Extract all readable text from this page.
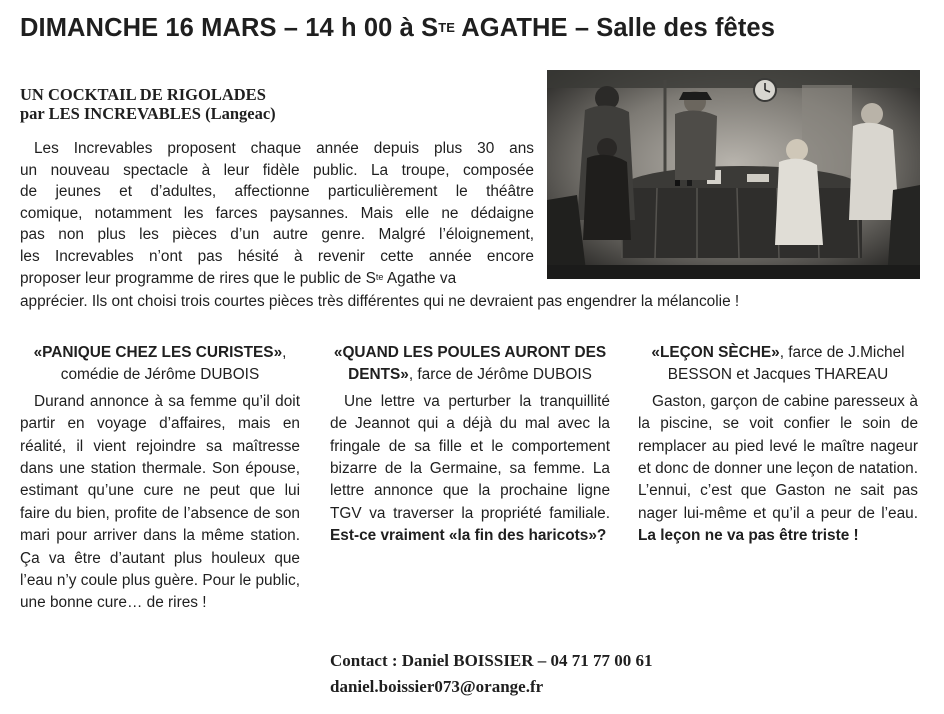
DIMANCHE 16 MARS – 14 h 00 à $S^{TE}$ AGATHE – Salle des fêtes
UN COCKTAIL DE RIGOLADES
par LES INCREVABLES (Langeac)
Les Increvables proposent chaque année depuis plus 30 ans
un nouveau spectacle à leur fidèle public. La troupe, composée
de jeunes et d’adultes, affectionne particulièrement le théâtre
comique, notamment les farces paysannes. Mais elle ne dédaigne
pas non plus les pièces d’un autre genre. Malgré l’éloignement,
les Increvables n’ont pas hésité à revenir cette année encore
proposer leur programme de rires que le public de $S^{te}$ Agathe va
apprécier. Ils ont choisi trois courtes pièces très différentes qui ne devraient pas engendrer la mélancolie !
«PANIQUE CHEZ LES CURISTES», comédie de Jérôme DUBOIS
Durand annonce à sa femme qu’il doit partir en voyage d’affaires, mais en réalité, il vient rejoindre sa maîtresse dans une station thermale. Son épouse, estimant qu’une cure ne peut que lui faire du bien, profite de l’absence de son mari pour arriver dans la même station. Ça va être d’autant plus houleux que l’eau n’y coule plus guère. Pour le public, une bonne cure… de rires !
«QUAND LES POULES AURONT DES DENTS», farce de Jérôme DUBOIS
Une lettre va perturber la tranquillité de Jeannot qui a déjà du mal avec la fringale de sa fille et le comportement bizarre de la Germaine, sa femme. La lettre annonce que la prochaine ligne TGV va traverser la propriété familiale. Est-ce vraiment «la fin des haricots»?
«LEÇON SÈCHE», farce de J.Michel BESSON et Jacques THAREAU
Gaston, garçon de cabine paresseux à la piscine, se voit confier le soin de remplacer au pied levé le maître nageur et donc de donner une leçon de natation. L’ennui, c’est que Gaston ne sait pas nager lui-même et qu’il a peur de l’eau. La leçon ne va pas être triste !
Contact : Daniel BOISSIER – 04 71 77 00 61
daniel.boissier073@orange.fr
